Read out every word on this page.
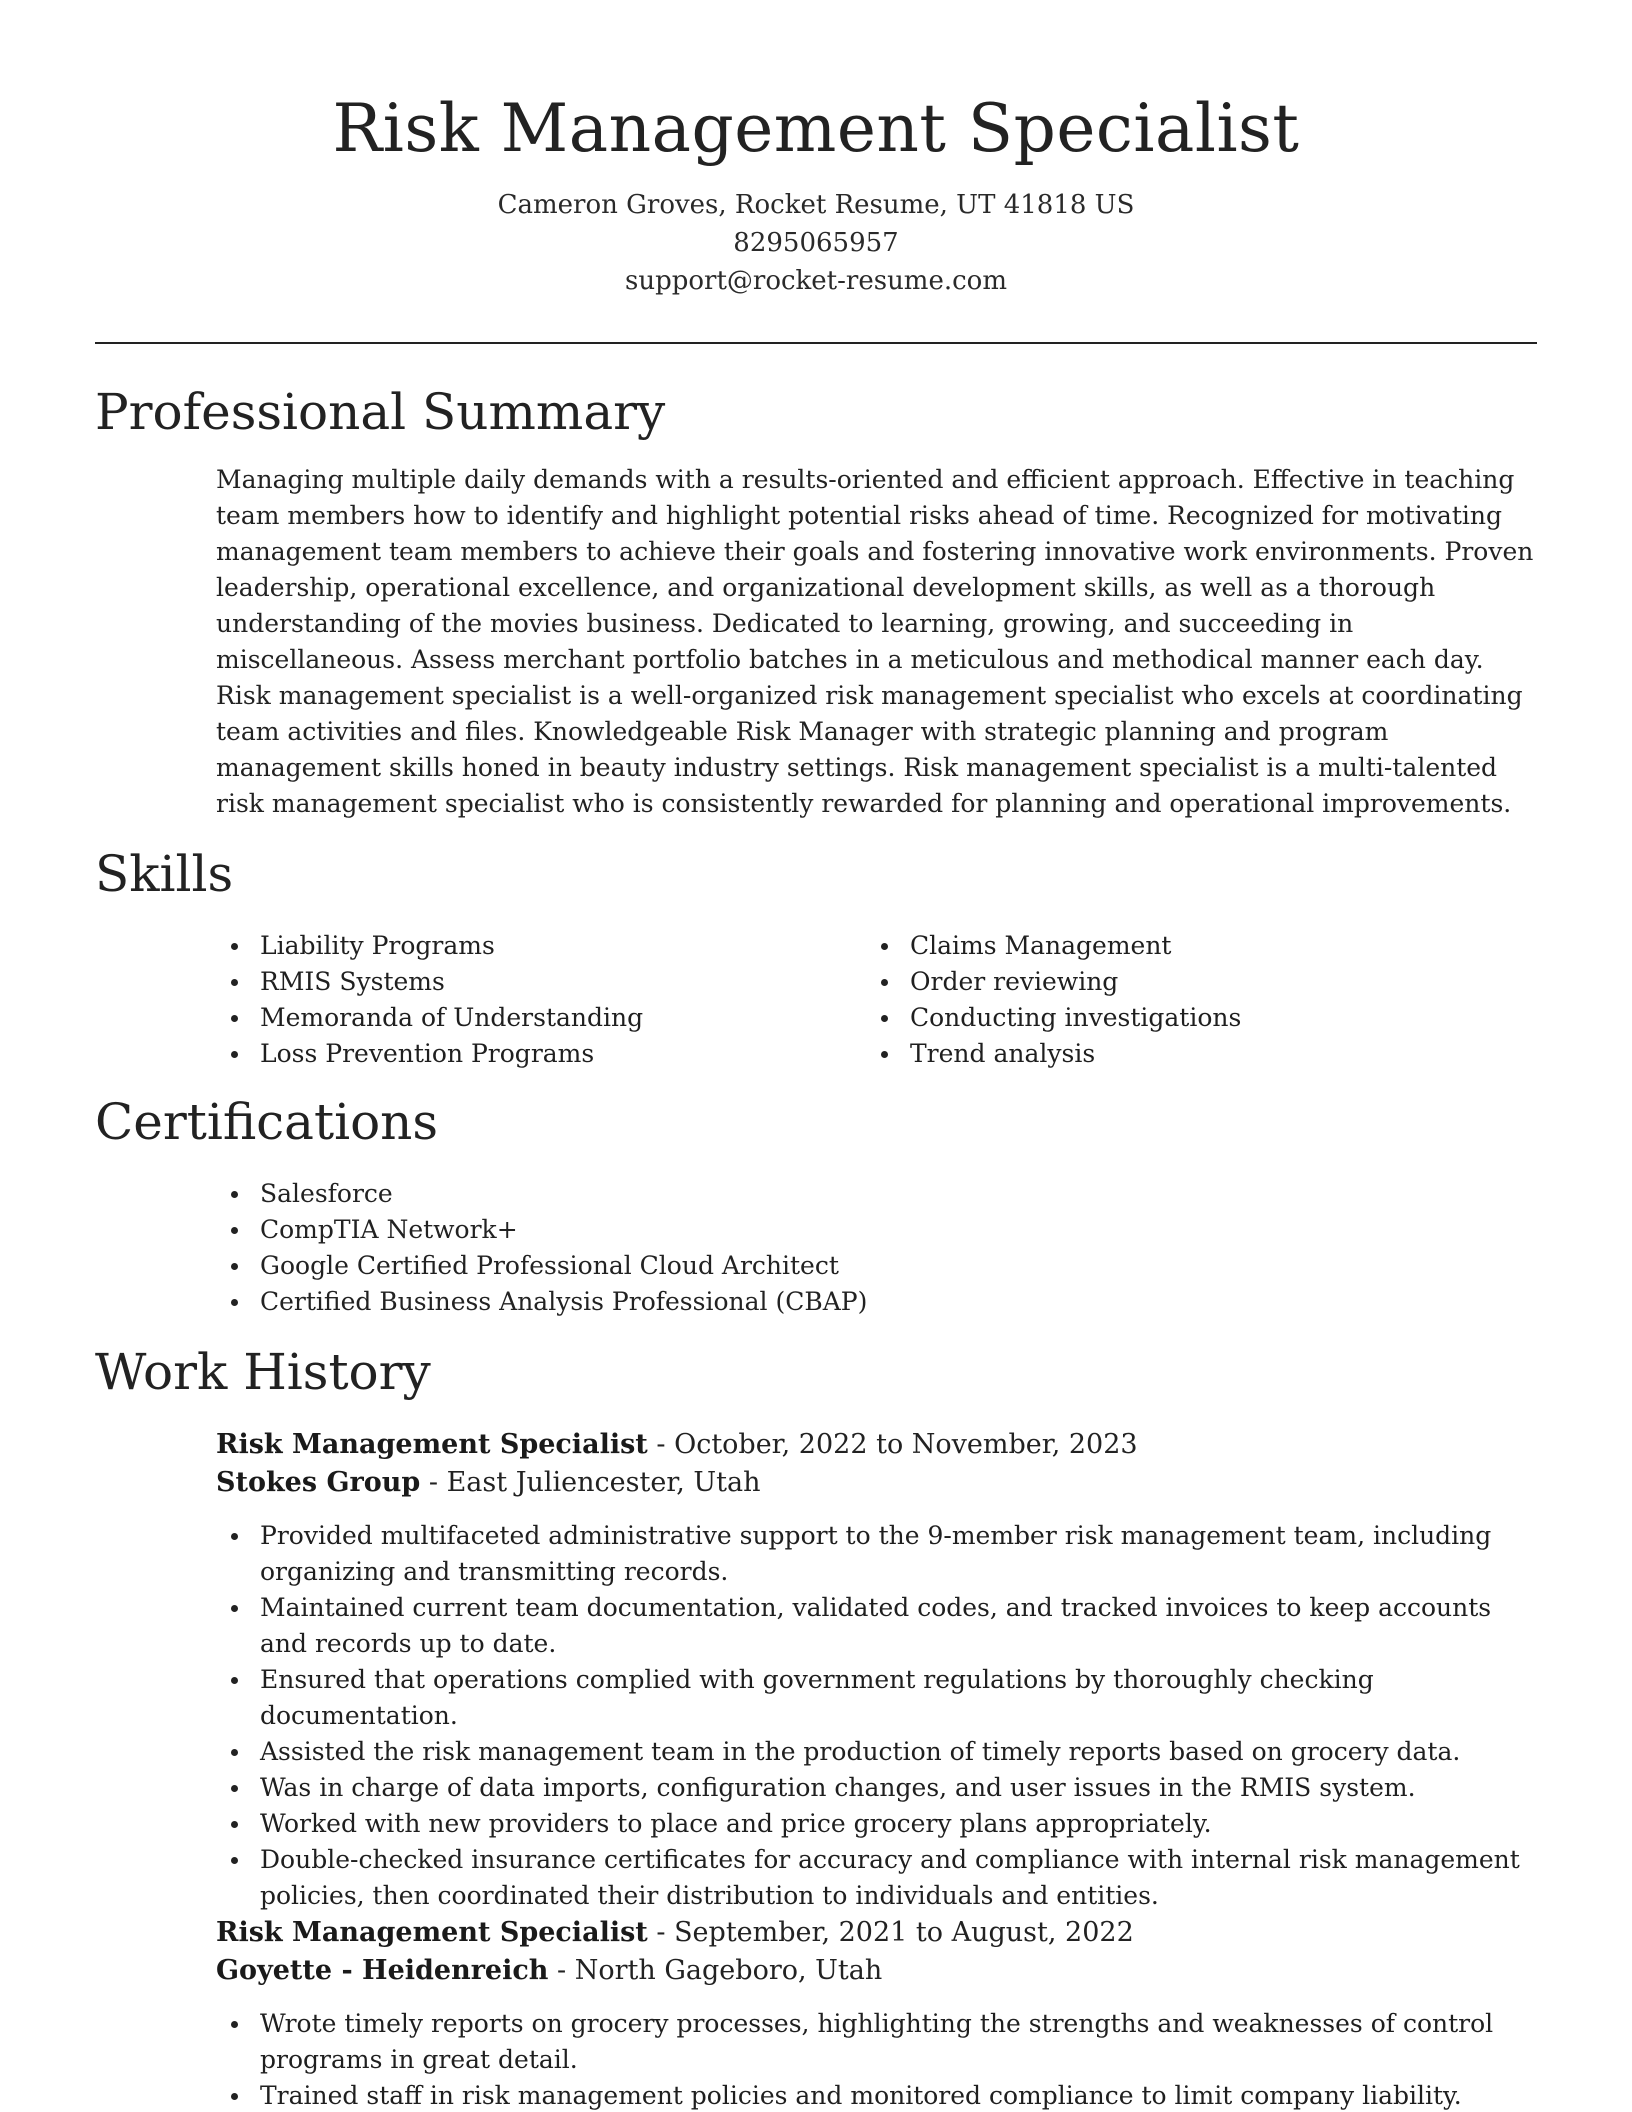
Risk Management Specialist
Cameron Groves, Rocket Resume, UT 41818 US
8295065957
support@rocket-resume.com
Professional Summary

Managing multiple daily demands with a results-oriented and efficient approach. Effective in teaching team members how to identify and highlight potential risks ahead of time. Recognized for motivating management team members to achieve their goals and fostering innovative work environments. Proven leadership, operational excellence, and organizational development skills, as well as a thorough understanding of the movies business. Dedicated to learning, growing, and succeeding in miscellaneous. Assess merchant portfolio batches in a meticulous and methodical manner each day. Risk management specialist is a well-organized risk management specialist who excels at coordinating team activities and files. Knowledgeable Risk Manager with strategic planning and program management skills honed in beauty industry settings. Risk management specialist is a multi-talented risk management specialist who is consistently rewarded for planning and operational improvements.

Skills
Liability Programs
RMIS Systems
Memoranda of Understanding
Loss Prevention Programs
Claims Management
Order reviewing
Conducting investigations
Trend analysis
Certifications
Salesforce
CompTIA Network+
Google Certified Professional Cloud Architect
Certified Business Analysis Professional (CBAP)
Work History
Risk Management Specialist - October, 2022 to November, 2023
Stokes Group - East Juliencester, Utah
Provided multifaceted administrative support to the 9-member risk management team, including organizing and transmitting records.
Maintained current team documentation, validated codes, and tracked invoices to keep accounts and records up to date.
Ensured that operations complied with government regulations by thoroughly checking documentation.
Assisted the risk management team in the production of timely reports based on grocery data.
Was in charge of data imports, configuration changes, and user issues in the RMIS system.
Worked with new providers to place and price grocery plans appropriately.
Double-checked insurance certificates for accuracy and compliance with internal risk management policies, then coordinated their distribution to individuals and entities.
Risk Management Specialist - September, 2021 to August, 2022
Goyette - Heidenreich - North Gageboro, Utah
Wrote timely reports on grocery processes, highlighting the strengths and weaknesses of control programs in great detail.
Trained staff in risk management policies and monitored compliance to limit company liability.
